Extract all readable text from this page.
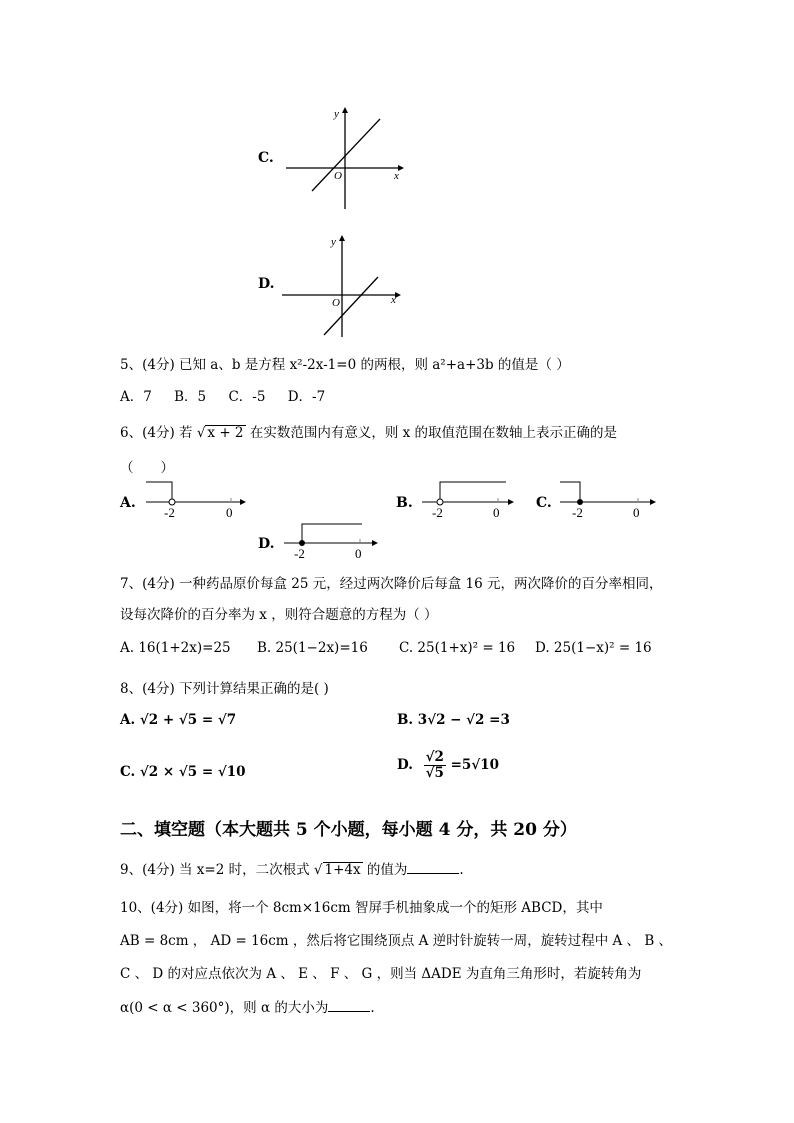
C.
x
y
O
D.
x
y
O
5、(4分) 已知 a、b 是方程 x²-2x-1=0 的两根，则 a²+a+3b 的值是（ ）
A．7 B．5 C．-5 D．-7
6、(4分) 若 √ x + 2 在实数范围内有意义，则 x 的取值范围在数轴上表示正确的是
（　　）
A.
-2	0
B.
-2	0
C.
-2	0
D.
-2	0
7、(4分) 一种药品原价每盒 25 元，经过两次降价后每盒 16 元，两次降价的百分率相同，
设每次降价的百分率为 x ，则符合题意的方程为（ ）
A. 16(1+2x)=25 B. 25(1−2x)=16 C. 25(1+x)² = 16 D. 25(1−x)² = 16
8、(4分) 下列计算结果正确的是( )
A. √2 + √5 = √7	B. 3√2 − √2 =3
C. √2 × √5 = √10	D. $\frac{√2}{√5} =5√10$
二、填空题（本大题共 5 个小题，每小题 4 分，共 20 分）
9、(4分) 当 x=2 时，二次根式 √ 1+4x 的值为	.
10、(4分) 如图，将一个 8cm×16cm 智屏手机抽象成一个的矩形 ABCD，其中
AB = 8cm ， AD = 16cm ，然后将它围绕顶点 A 逆时针旋转一周，旋转过程中 A 、 B 、
C 、 D 的对应点依次为 A 、 E 、 F 、 G ，则当 ΔADE 为直角三角形时，若旋转角为
α(0 < α < 360°)，则 α 的大小为	.
